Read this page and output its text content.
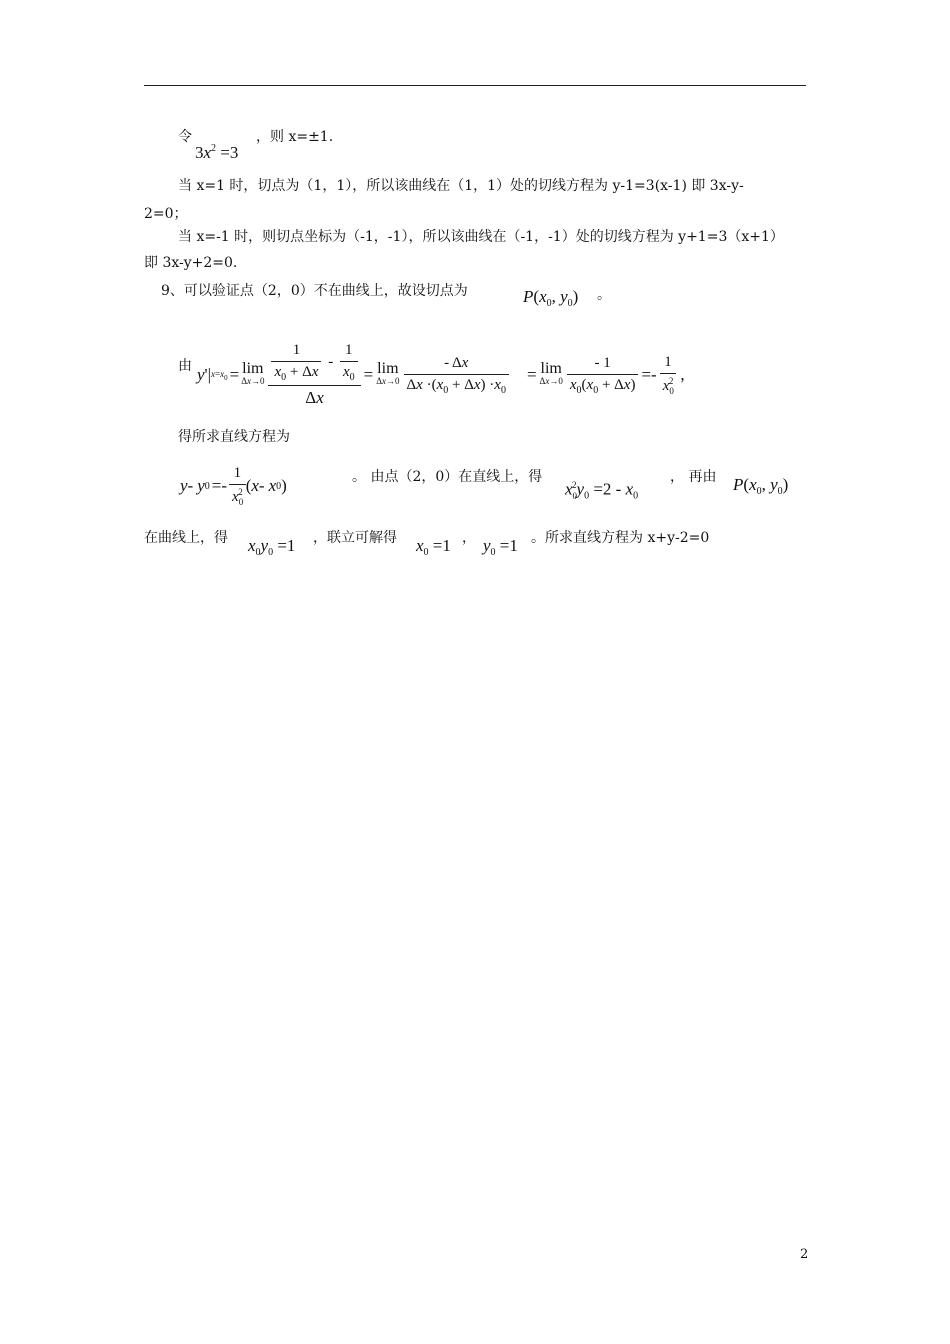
令
$3x^2 =3$
，则 x=±1.
当 x=1 时，切点为（1，1），所以该曲线在（1，1）处的切线方程为 y-1=3(x-1) 即 3x-y-
2=0；
当 x=-1 时，则切点坐标为（-1，-1），所以该曲线在（-1，-1）处的切线方程为 y+1=3（x+1）
即 3x-y+2=0.
9、可以验证点（2，0）不在曲线上，故设切点为	$P(x_0$, $y_0$) 。
由 y '| $x=x_0 = \lim$
$\Delta x\to 0 \frac{\frac{1}{x_0 + \Delta x} - \frac{1}{x_0}}{\Delta x} = \lim$
$\Delta x\to 0 \frac{- \Delta x}{\Delta x \cdot(x_0 + \Delta x) \cdot x_0} = \lim$
$\Delta x\to 0 \frac{- 1}{x_0(x_0 + \Delta x)} =- \frac{1}{x_0^2}$ ,
得所求直线方程为
y - y $0 =- \frac{1}{x_0^2}$ ( x - x 0 )	。 由点（2，0）在直线上，得
$x_0^2y_0 =2 - x_0$
， 再由 $P(x_0$, $y_0$)
在曲线上，得 $x_0y_0 =1$ ，联立可解得 $x_0 =1$ ， $y_0 =1$ 。所求直线方程为 x+y-2=0
2
